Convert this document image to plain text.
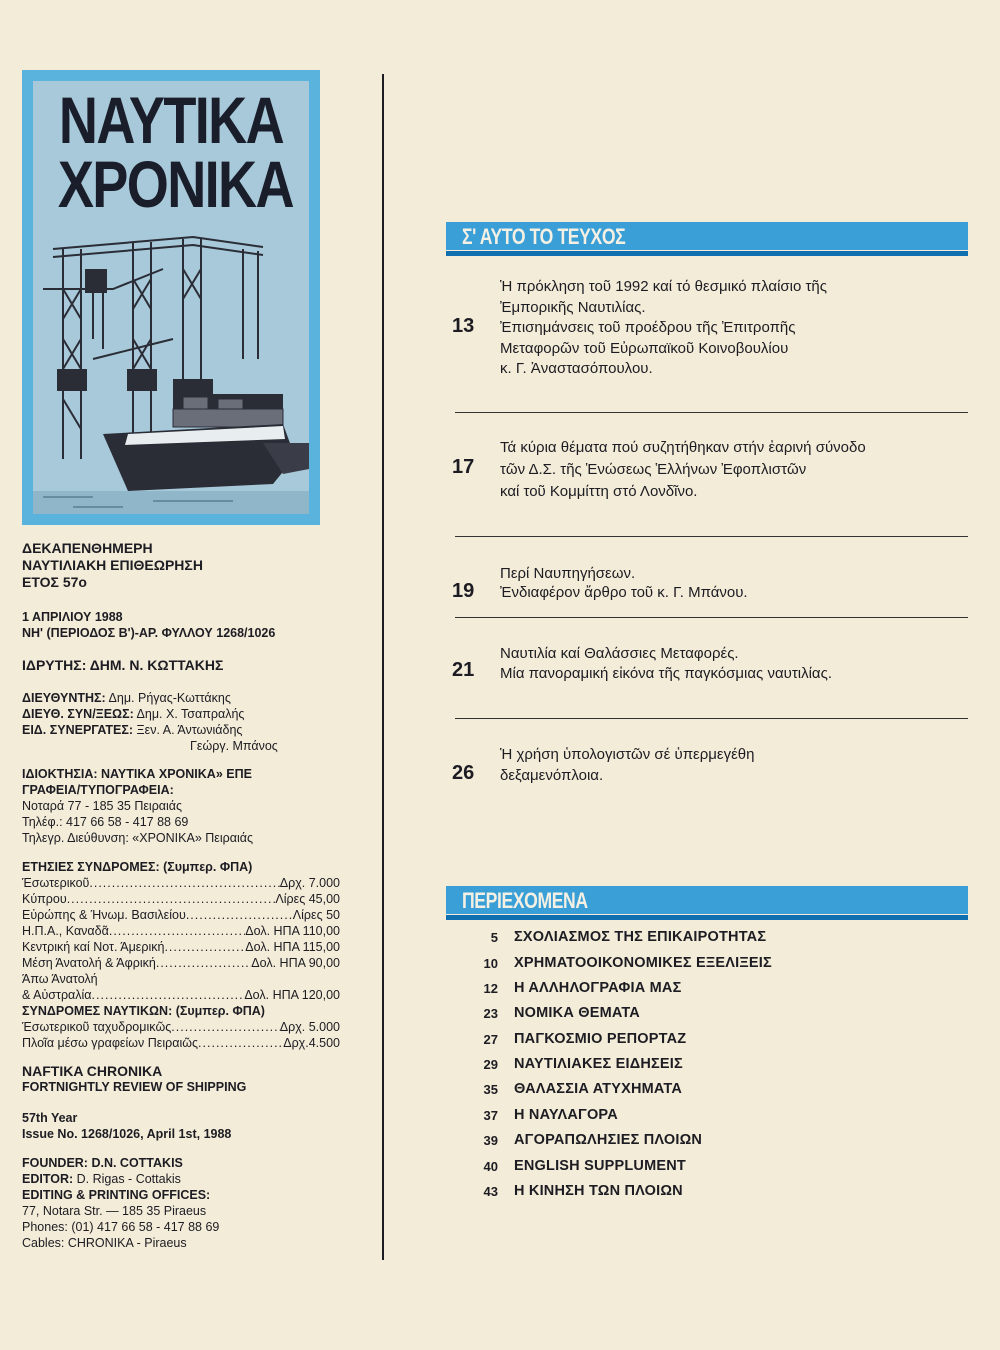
ΝΑΥΤΙΚΑ
ΧΡΟΝΙΚΑ
ΔΕΚΑΠΕΝΘΗΜΕΡΗ
ΝΑΥΤΙΛΙΑΚΗ ΕΠΙΘΕΩΡΗΣΗ
ΕΤΟΣ 57ο
1 ΑΠΡΙΛΙΟΥ 1988
ΝΗ' (ΠΕΡΙΟΔΟΣ Β')-ΑΡ. ΦΥΛΛΟΥ 1268/1026
ΙΔΡΥΤΗΣ: ΔΗΜ. Ν. ΚΩΤΤΑΚΗΣ
ΔΙΕΥΘΥΝΤΗΣ: Δημ. Ρήγας-Κωττάκης
ΔΙΕΥΘ. ΣΥΝ/ΞΕΩΣ: Δημ. Χ. Τσαπραλής
ΕΙΔ. ΣΥΝΕΡΓΑΤΕΣ: Ξεν. Α. Άντωνιάδης
Γεώργ. Μπάνος
ΙΔΙΟΚΤΗΣΙΑ: ΝΑΥΤΙΚΑ ΧΡΟΝΙΚΑ» ΕΠΕ
ΓΡΑΦΕΙΑ/ΤΥΠΟΓΡΑΦΕΙΑ:
Νοταρά 77 - 185 35 Πειραιάς
Τηλέφ.: 417 66 58 - 417 88 69
Τηλεγρ. Διεύθυνση: «ΧΡΟΝΙΚΑ» Πειραιάς
ΕΤΗΣΙΕΣ ΣΥΝΔΡΟΜΕΣ: (Συμπερ. ΦΠΑ)
Έσωτερικοῦ .....	Δρχ. 7.000
Κύπρου .....	Λίρες 45,00
Εὐρώπης & Ήνωμ. Βασιλείου .....	Λίρες 50
Η.Π.Α., Καναδᾶ .....	Δολ. ΗΠΑ 110,00
Κεντρική καί Νοτ. Άμερική .....	Δολ. ΗΠΑ 115,00
Μέση Άνατολή & Άφρική .....	Δολ. ΗΠΑ 90,00
Άπω Άνατολή
& Αὐστραλία .....	Δολ. ΗΠΑ 120,00
ΣΥΝΔΡΟΜΕΣ ΝΑΥΤΙΚΩΝ: (Συμπερ. ΦΠΑ)
Έσωτερικοῦ ταχυδρομικῶς .....	Δρχ. 5.000
Πλοῖα μέσω γραφείων Πειραιῶς .....	Δρχ.4.500
NAFTIKA CHRONIKA
FORTNIGHTLY REVIEW OF SHIPPING
57th Year
Issue No. 1268/1026, April 1st, 1988
FOUNDER: D.N. COTTAKIS
EDITOR: D. Rigas - Cottakis
EDITING & PRINTING OFFICES:
77, Notara Str. — 185 35 Piraeus
Phones: (01) 417 66 58 - 417 88 69
Cables: CHRONIKA - Piraeus
Σ' ΑΥΤΟ ΤΟ ΤΕΥΧΟΣ
13
Ἡ πρόκληση τοῦ 1992 καί τό θεσμικό πλαίσιο τῆς
Ἐμπορικῆς Ναυτιλίας.
Ἐπισημάνσεις τοῦ προέδρου τῆς Ἐπιτροπῆς
Μεταφορῶν τοῦ Εὐρωπαϊκοῦ Κοινοβουλίου
κ. Γ. Ἀναστασόπουλου.
17
Τά κύρια θέματα πού συζητήθηκαν στήν ἐαρινή σύνοδο
τῶν Δ.Σ. τῆς Ἑνώσεως Ἑλλήνων Ἐφοπλιστῶν
καί τοῦ Κομμίττη στό Λονδῖνο.
19
Περί Ναυπηγήσεων.
Ἐνδιαφέρον ἄρθρο τοῦ κ. Γ. Μπάνου.
21
Ναυτιλία καί Θαλάσσιες Μεταφορές.
Μία πανοραμική εἰκόνα τῆς παγκόσμιας ναυτιλίας.
26
Ἡ χρήση ὑπολογιστῶν σέ ὑπερμεγέθη
δεξαμενόπλοια.
ΠΕΡΙΕΧΟΜΕΝΑ
5 ΣΧΟΛΙΑΣΜΟΣ ΤΗΣ ΕΠΙΚΑΙΡΟΤΗΤΑΣ
10 ΧΡΗΜΑΤΟΟΙΚΟΝΟΜΙΚΕΣ ΕΞΕΛΙΞΕΙΣ
12 Η ΑΛΛΗΛΟΓΡΑΦΙΑ ΜΑΣ
23 ΝΟΜΙΚΑ ΘΕΜΑΤΑ
27 ΠΑΓΚΟΣΜΙΟ ΡΕΠΟΡΤΑΖ
29 ΝΑΥΤΙΛΙΑΚΕΣ ΕΙΔΗΣΕΙΣ
35 ΘΑΛΑΣΣΙΑ ΑΤΥΧΗΜΑΤΑ
37 Η ΝΑΥΛΑΓΟΡΑ
39 ΑΓΟΡΑΠΩΛΗΣΙΕΣ ΠΛΟΙΩΝ
40 ENGLISH SUPPLUMENT
43 Η ΚΙΝΗΣΗ ΤΩΝ ΠΛΟΙΩΝ
